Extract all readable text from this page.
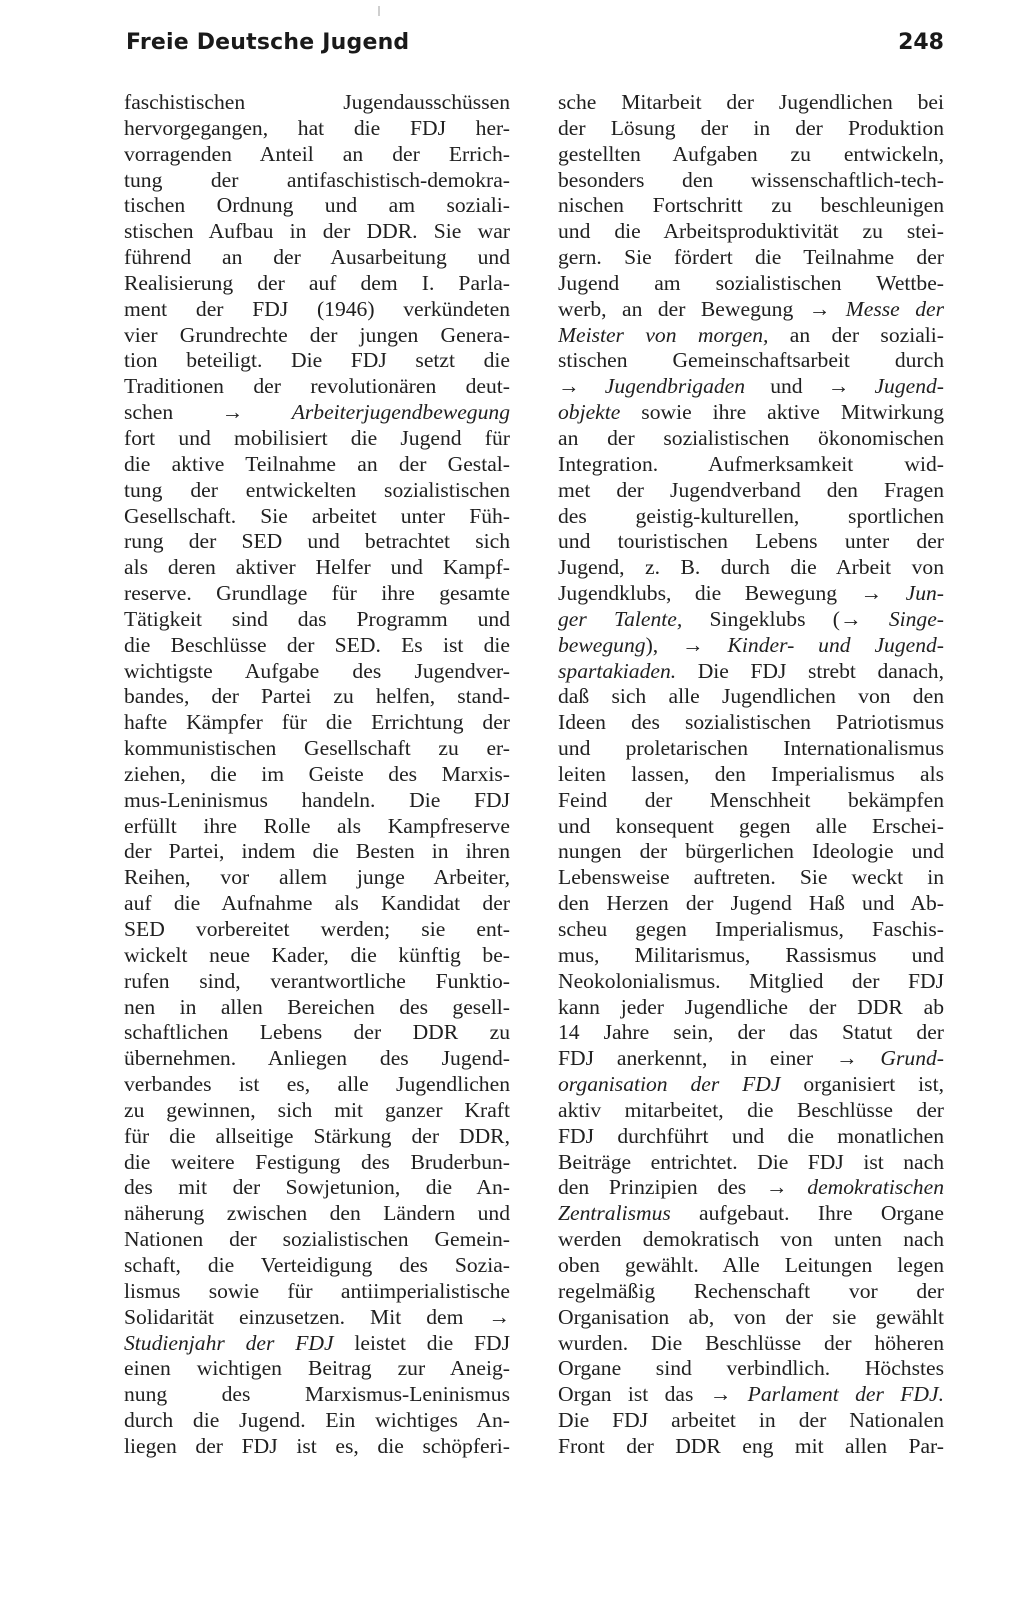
Freie Deutsche Jugend	248
faschistischen Jugendausschüssen
hervorgegangen, hat die FDJ her-
vorragenden Anteil an der Errich-
tung der antifaschistisch-demokra-
tischen Ordnung und am soziali-
stischen Aufbau in der DDR. Sie war
führend an der Ausarbeitung und
Realisierung der auf dem I. Parla-
ment der FDJ (1946) verkündeten
vier Grundrechte der jungen Genera-
tion beteiligt. Die FDJ setzt die
Traditionen der revolutionären deut-
schen → Arbeiterjugendbewegung
fort und mobilisiert die Jugend für
die aktive Teilnahme an der Gestal-
tung der entwickelten sozialistischen
Gesellschaft. Sie arbeitet unter Füh-
rung der SED und betrachtet sich
als deren aktiver Helfer und Kampf-
reserve. Grundlage für ihre gesamte
Tätigkeit sind das Programm und
die Beschlüsse der SED. Es ist die
wichtigste Aufgabe des Jugendver-
bandes, der Partei zu helfen, stand-
hafte Kämpfer für die Errichtung der
kommunistischen Gesellschaft zu er-
ziehen, die im Geiste des Marxis-
mus-Leninismus handeln. Die FDJ
erfüllt ihre Rolle als Kampfreserve
der Partei, indem die Besten in ihren
Reihen, vor allem junge Arbeiter,
auf die Aufnahme als Kandidat der
SED vorbereitet werden; sie ent-
wickelt neue Kader, die künftig be-
rufen sind, verantwortliche Funktio-
nen in allen Bereichen des gesell-
schaftlichen Lebens der DDR zu
übernehmen. Anliegen des Jugend-
verbandes ist es, alle Jugendlichen
zu gewinnen, sich mit ganzer Kraft
für die allseitige Stärkung der DDR,
die weitere Festigung des Bruderbun-
des mit der Sowjetunion, die An-
näherung zwischen den Ländern und
Nationen der sozialistischen Gemein-
schaft, die Verteidigung des Sozia-
lismus sowie für antiimperialistische
Solidarität einzusetzen. Mit dem →
Studienjahr der FDJ leistet die FDJ
einen wichtigen Beitrag zur Aneig-
nung des Marxismus-Leninismus
durch die Jugend. Ein wichtiges An-
liegen der FDJ ist es, die schöpferi-
sche Mitarbeit der Jugendlichen bei
der Lösung der in der Produktion
gestellten Aufgaben zu entwickeln,
besonders den wissenschaftlich-tech-
nischen Fortschritt zu beschleunigen
und die Arbeitsproduktivität zu stei-
gern. Sie fördert die Teilnahme der
Jugend am sozialistischen Wettbe-
werb, an der Bewegung → Messe der
Meister von morgen, an der soziali-
stischen Gemeinschaftsarbeit durch
→ Jugendbrigaden und → Jugend-
objekte sowie ihre aktive Mitwirkung
an der sozialistischen ökonomischen
Integration. Aufmerksamkeit wid-
met der Jugendverband den Fragen
des geistig-kulturellen, sportlichen
und touristischen Lebens unter der
Jugend, z. B. durch die Arbeit von
Jugendklubs, die Bewegung → Jun-
ger Talente, Singeklubs (→ Singe-
bewegung), → Kinder- und Jugend-
spartakiaden. Die FDJ strebt danach,
daß sich alle Jugendlichen von den
Ideen des sozialistischen Patriotismus
und proletarischen Internationalismus
leiten lassen, den Imperialismus als
Feind der Menschheit bekämpfen
und konsequent gegen alle Erschei-
nungen der bürgerlichen Ideologie und
Lebensweise auftreten. Sie weckt in
den Herzen der Jugend Haß und Ab-
scheu gegen Imperialismus, Faschis-
mus, Militarismus, Rassismus und
Neokolonialismus. Mitglied der FDJ
kann jeder Jugendliche der DDR ab
14 Jahre sein, der das Statut der
FDJ anerkennt, in einer → Grund-
organisation der FDJ organisiert ist,
aktiv mitarbeitet, die Beschlüsse der
FDJ durchführt und die monatlichen
Beiträge entrichtet. Die FDJ ist nach
den Prinzipien des → demokratischen
Zentralismus aufgebaut. Ihre Organe
werden demokratisch von unten nach
oben gewählt. Alle Leitungen legen
regelmäßig Rechenschaft vor der
Organisation ab, von der sie gewählt
wurden. Die Beschlüsse der höheren
Organe sind verbindlich. Höchstes
Organ ist das → Parlament der FDJ.
Die FDJ arbeitet in der Nationalen
Front der DDR eng mit allen Par-
